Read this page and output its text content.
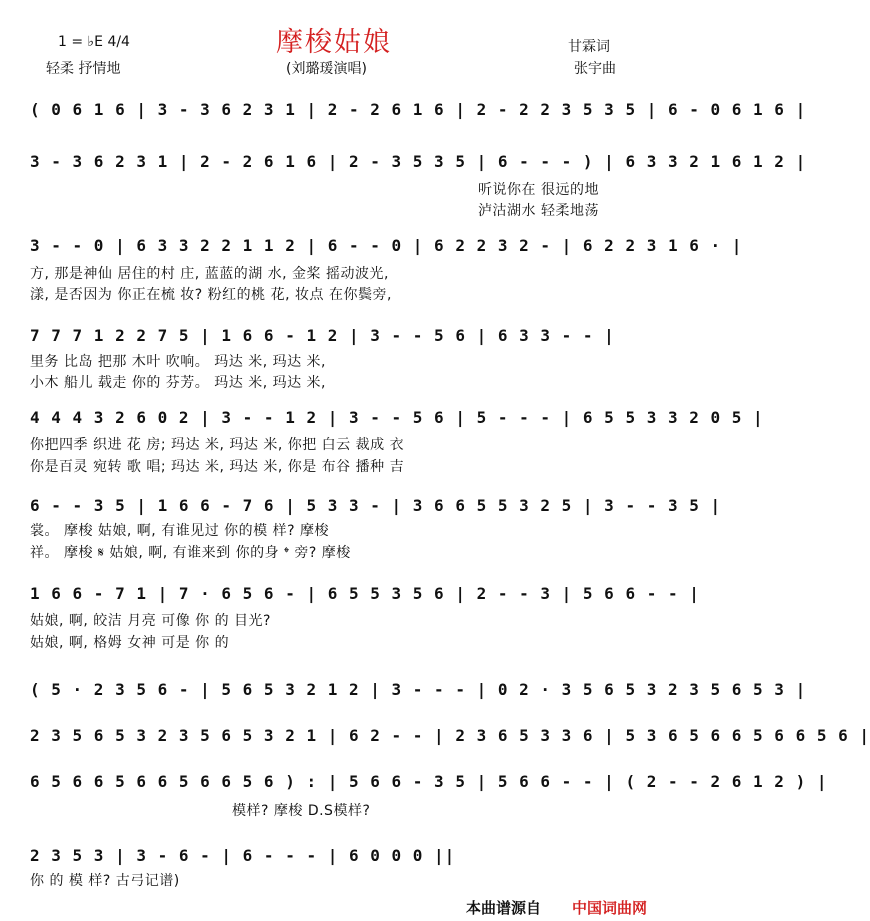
1 = ♭E 4/4	摩梭姑娘	甘霖词
轻柔 抒情地	(刘璐瑗演唱)	张宇曲
( 0 6 1 6 | 3 - 3 6 2 3 1 | 2 - 2 6 1 6 | 2 - 2 2 3 5 3 5 | 6 - 0 6 1 6 |
3 - 3 6 2 3 1 | 2 - 2 6 1 6 | 2 - 3 5 3 5 | 6 - - - ) | 6 3 3 2 1 6 1 2 |
听说你在 很远的地
泸沽湖水 轻柔地荡
3 - - 0 | 6 3 3 2 2 1 1 2 | 6 - - 0 | 6 2 2 3 2 - | 6 2 2 3 1 6 · |
方, 那是神仙 居住的村 庄, 蓝蓝的湖 水, 金桨 摇动波光,
漾, 是否因为 你正在梳 妆? 粉红的桃 花, 妆点 在你鬓旁,
7 7 7 1 2 2 7 5 | 1 6 6 - 1 2 | 3 - - 5 6 | 6 3 3 - - |
里务 比岛 把那 木叶 吹响。 玛达 米, 玛达 米,
小木 船儿 载走 你的 芬芳。 玛达 米, 玛达 米,
4 4 4 3 2 6 0 2 | 3 - - 1 2 | 3 - - 5 6 | 5 - - - | 6 5 5 3 3 2 0 5 |
你把四季 织进 花 房; 玛达 米, 玛达 米, 你把 白云 裁成 衣
你是百灵 宛转 歌 唱; 玛达 米, 玛达 米, 你是 布谷 播种 吉
6 - - 3 5 | 1 6 6 - 7 6 | 5 3 3 - | 3 6 6 5 5 3 2 5 | 3 - - 3 5 |
裳。 摩梭 姑娘, 啊, 有谁见过 你的模 样? 摩梭
祥。 摩梭 𝄋 姑娘, 啊, 有谁来到 你的身 𝄌 旁? 摩梭
1 6 6 - 7 1 | 7 · 6 5 6 - | 6 5 5 3 5 6 | 2 - - 3 | 5 6 6 - - |
姑娘, 啊, 皎洁 月亮 可像 你 的 目光?
姑娘, 啊, 格姆 女神 可是 你 的
( 5 · 2 3 5 6 - | 5 6 5 3 2 1 2 | 3 - - - | 0 2 · 3 5 6 5 3 2 3 5 6 5 3 |
2 3 5 6 5 3 2 3 5 6 5 3 2 1 | 6 2 - - | 2 3 6 5 3 3 6 | 5 3 6 5 6 6 5 6 6 5 6 |
6 5 6 6 5 6 6 5 6 6 5 6 ) : | 5 6 6 - 3 5 | 5 6 6 - - | ( 2 - - 2 6 1 2 ) |
模样? 摩梭 D.S模样?
2 3 5 3 | 3 - 6 - | 6 - - - | 6 0 0 0 ||
你 的 模 样? 古弓记谱)
本曲谱源自 中国词曲网
